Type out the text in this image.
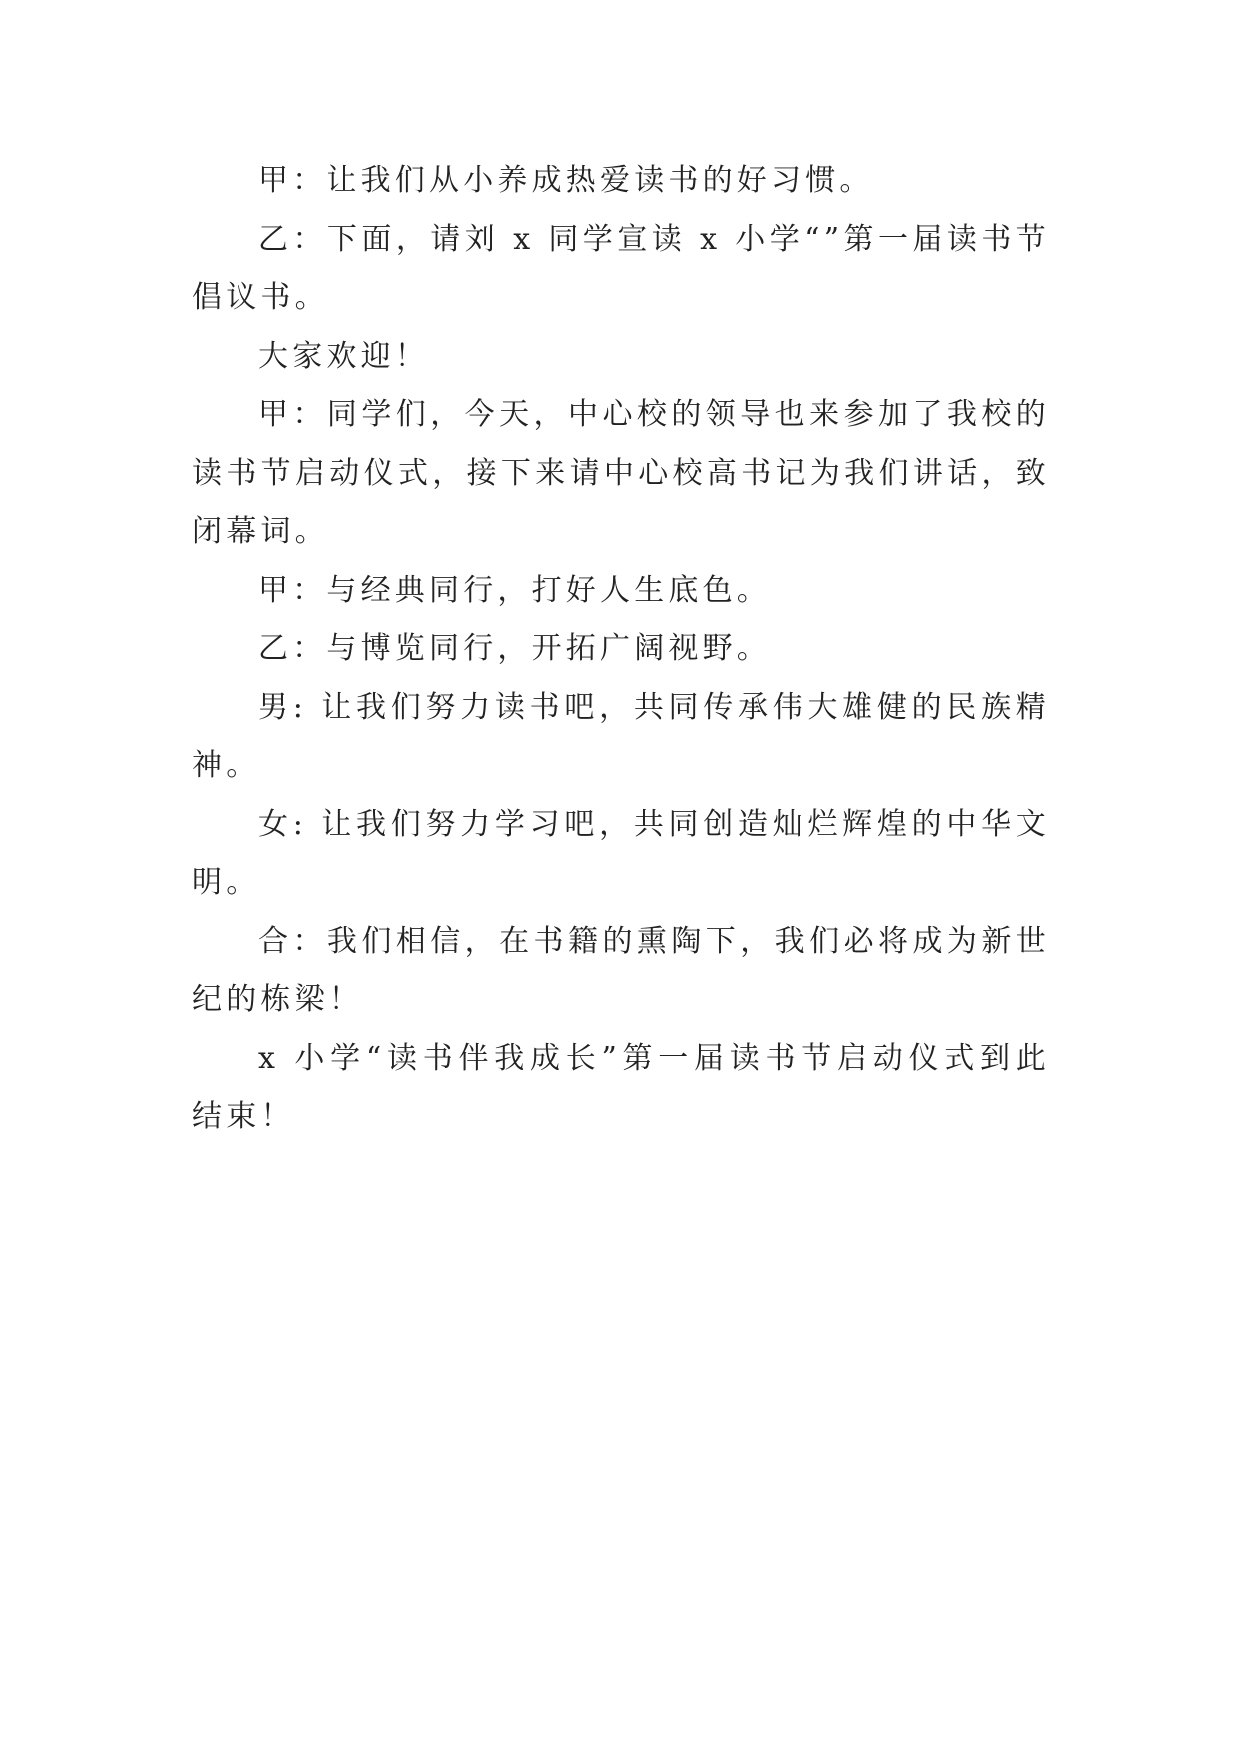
甲：让我们从小养成热爱读书的好习惯。

乙：下面，请刘 x 同学宣读 x 小学“”第一届读书节倡议书。

大家欢迎！

甲：同学们，今天，中心校的领导也来参加了我校的读书节启动仪式，接下来请中心校高书记为我们讲话，致闭幕词。

甲：与经典同行，打好人生底色。

乙：与博览同行，开拓广阔视野。

男: 让我们努力读书吧，共同传承伟大雄健的民族精神。

女: 让我们努力学习吧，共同创造灿烂辉煌的中华文明。

合：我们相信，在书籍的熏陶下，我们必将成为新世纪的栋梁！

x 小学“读书伴我成长”第一届读书节启动仪式到此结束！
